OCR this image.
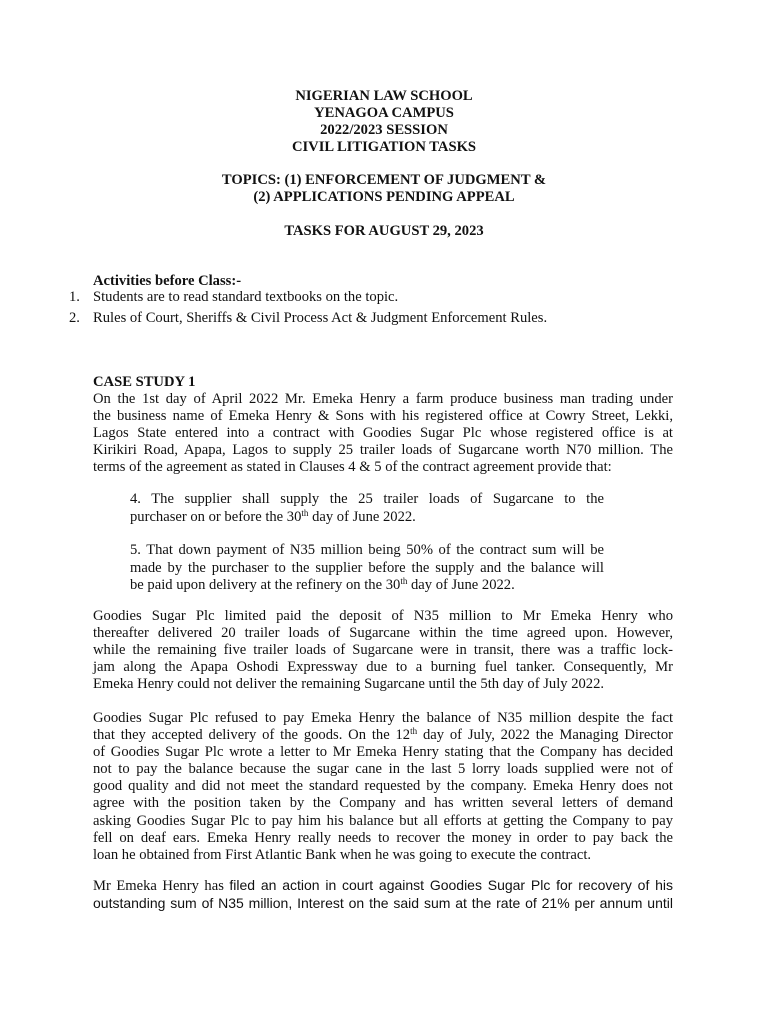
NIGERIAN LAW SCHOOL

YENAGOA CAMPUS

2022/2023 SESSION

CIVIL LITIGATION TASKS

TOPICS: (1) ENFORCEMENT OF JUDGMENT &

(2) APPLICATIONS PENDING APPEAL

TASKS FOR AUGUST 29, 2023

Activities before Class:-

1. Students are to read standard textbooks on the topic.

2. Rules of Court, Sheriffs & Civil Process Act & Judgment Enforcement Rules.

CASE STUDY 1

On the 1st day of April 2022 Mr. Emeka Henry a farm produce business man trading under
the business name of Emeka Henry & Sons with his registered office at Cowry Street, Lekki,
Lagos State entered into a contract with Goodies Sugar Plc whose registered office is at
Kirikiri Road, Apapa, Lagos to supply 25 trailer loads of Sugarcane worth N70 million. The
terms of the agreement as stated in Clauses 4 & 5 of the contract agreement provide that:
4. The supplier shall supply the 25 trailer loads of Sugarcane to the
purchaser on or before the 30th day of June 2022.
5. That down payment of N35 million being 50% of the contract sum will be
made by the purchaser to the supplier before the supply and the balance will
be paid upon delivery at the refinery on the 30th day of June 2022.
Goodies Sugar Plc limited paid the deposit of N35 million to Mr Emeka Henry who
thereafter delivered 20 trailer loads of Sugarcane within the time agreed upon. However,
while the remaining five trailer loads of Sugarcane were in transit, there was a traffic lock-
jam along the Apapa Oshodi Expressway due to a burning fuel tanker. Consequently, Mr
Emeka Henry could not deliver the remaining Sugarcane until the 5th day of July 2022.
Goodies Sugar Plc refused to pay Emeka Henry the balance of N35 million despite the fact
that they accepted delivery of the goods. On the 12th day of July, 2022 the Managing Director
of Goodies Sugar Plc wrote a letter to Mr Emeka Henry stating that the Company has decided
not to pay the balance because the sugar cane in the last 5 lorry loads supplied were not of
good quality and did not meet the standard requested by the company. Emeka Henry does not
agree with the position taken by the Company and has written several letters of demand
asking Goodies Sugar Plc to pay him his balance but all efforts at getting the Company to pay
fell on deaf ears. Emeka Henry really needs to recover the money in order to pay back the
loan he obtained from First Atlantic Bank when he was going to execute the contract.
Mr Emeka Henry has filed an action in court against Goodies Sugar Plc for recovery of his
outstanding sum of N35 million, Interest on the said sum at the rate of 21% per annum until
